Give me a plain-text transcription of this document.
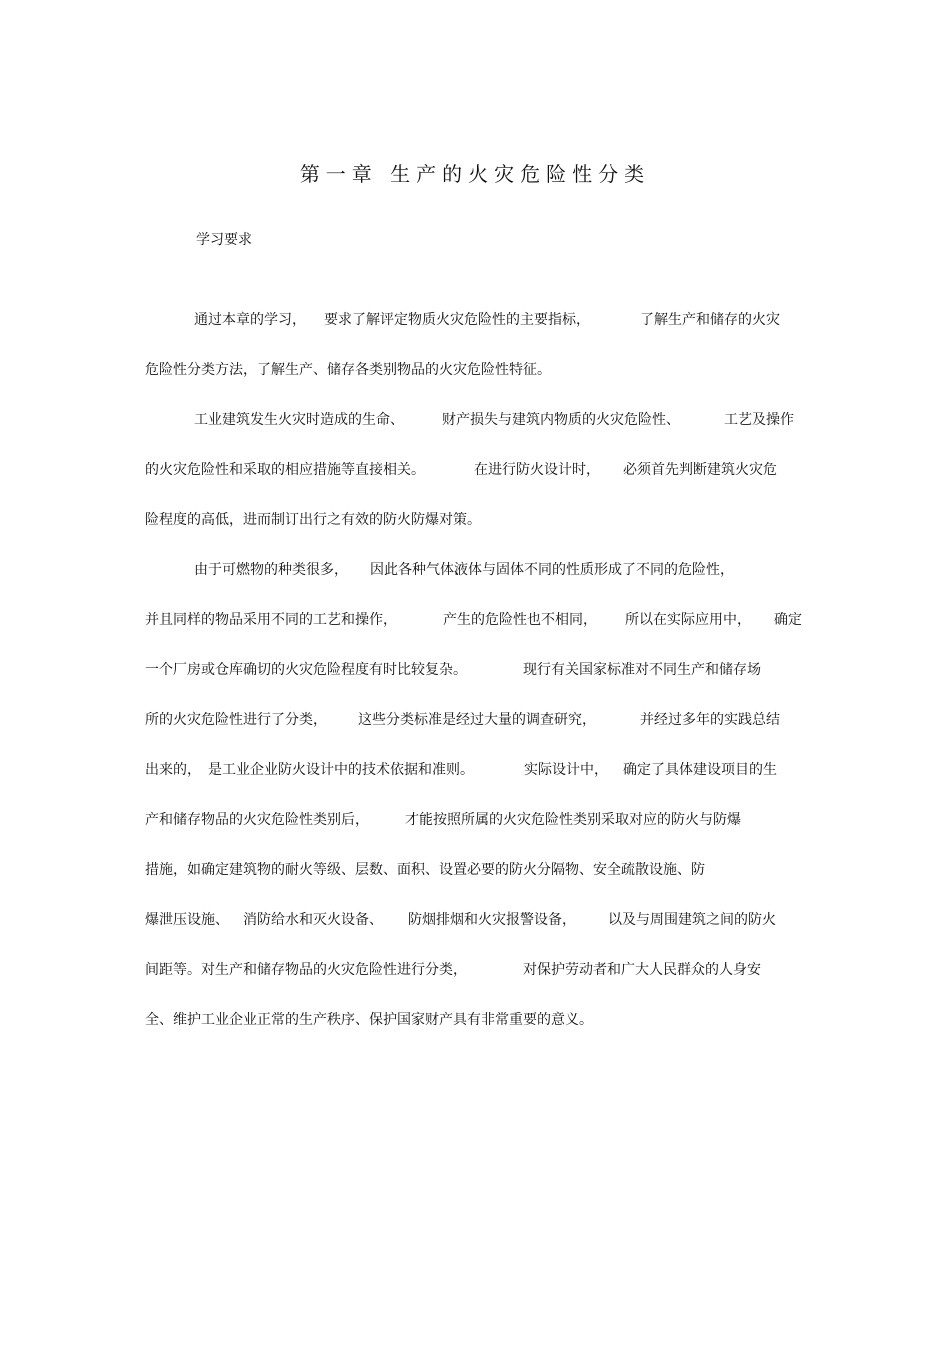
第一章 生产的火灾危险性分类
学习要求
通过本章的学习， 要求了解评定物质火灾危险性的主要指标，	了解生产和储存的火灾
危险性分类方法，了解生产、储存各类别物品的火灾危险性特征。
工业建筑发生火灾时造成的生命、	财产损失与建筑内物质的火灾危险性、	工艺及操作
的火灾危险性和采取的相应措施等直接相关。	在进行防火设计时， 必须首先判断建筑火灾危
险程度的高低，进而制订出行之有效的防火防爆对策。
由于可燃物的种类很多， 因此各种气体、
液体与固体不同的性质形成了不同的危险性，
并且同样的物品采用不同的工艺和操作，	产生的危险性也不相同， 所以在实际应用中， 确定
一个厂房或仓库确切的火灾危险程度有时比较复杂。	现行有关国家标准对不同生产和储存场
所的火灾危险性进行了分类， 这些分类标准是经过大量的调查研究，	并经过多年的实践总结
出来的， 是工业企业防火设计中的技术依据和准则。	实际设计中， 确定了具体建设项目的生
产和储存物品的火灾危险性类别后，	才能按照所属的火灾危险性类别采取对应的防火与防爆
措施，如确定建筑物的耐火等级、层数、面积、设置必要的防火分隔物、安全疏散设施、防
爆泄压设施、 消防给水和灭火设备、 防烟排烟和火灾报警设备， 以及与周围建筑之间的防火
间距等。对生产和储存物品的火灾危险性进行分类，	对保护劳动者和广大人民群众的人身安
全、维护工业企业正常的生产秩序、保护国家财产具有非常重要的意义。
